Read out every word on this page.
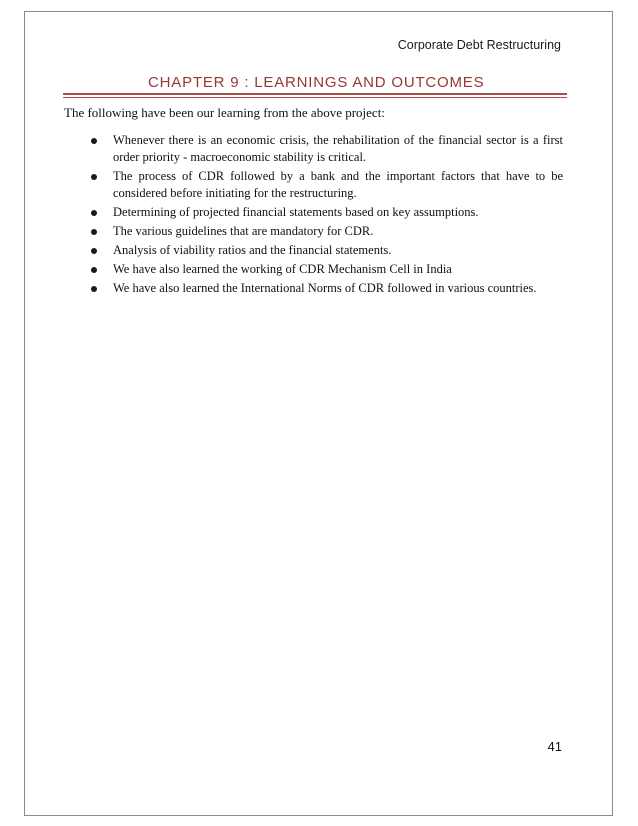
Corporate Debt Restructuring
CHAPTER 9 : LEARNINGS AND OUTCOMES
The following have been our learning from the above project:
Whenever there is an economic crisis, the rehabilitation of the financial sector is a first order priority - macroeconomic stability is critical.
The process of CDR followed by a bank and the important factors that have to be considered before initiating for the restructuring.
Determining of projected financial statements based on key assumptions.
The various guidelines that are mandatory for CDR.
Analysis of viability ratios and the financial statements.
We have also learned the working of CDR Mechanism Cell in India
We have also learned the International Norms of CDR followed in various countries.
41
